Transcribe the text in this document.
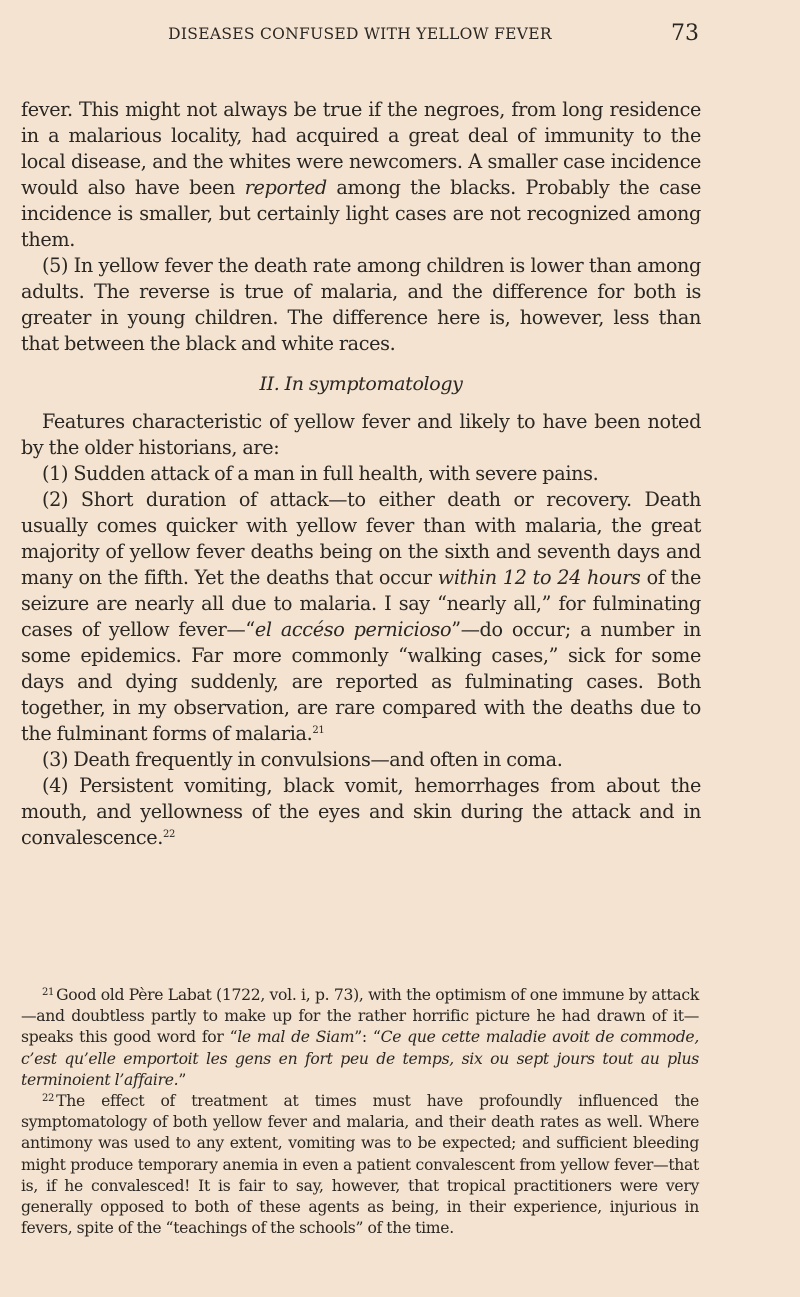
DISEASES CONFUSED WITH YELLOW FEVER	73

fever. This might not always be true if the negroes, from long residence in a malarious locality, had acquired a great deal of immunity to the local disease, and the whites were newcomers. A smaller case incidence would also have been reported among the blacks. Probably the case incidence is smaller, but certainly light cases are not recognized among them.

(5) In yellow fever the death rate among children is lower than among adults. The reverse is true of malaria, and the difference for both is greater in young children. The difference here is, however, less than that between the black and white races.

II. In symptomatology

Features characteristic of yellow fever and likely to have been noted by the older historians, are:

(1) Sudden attack of a man in full health, with severe pains.

(2) Short duration of attack—to either death or recovery. Death usually comes quicker with yellow fever than with malaria, the great majority of yellow fever deaths being on the sixth and seventh days and many on the fifth. Yet the deaths that occur within 12 to 24 hours of the seizure are nearly all due to malaria. I say “nearly all,” for fulminating cases of yellow fever—“el accéso pernicioso”—do occur; a number in some epidemics. Far more commonly “walking cases,” sick for some days and dying suddenly, are reported as fulminating cases. Both together, in my observation, are rare compared with the deaths due to the fulminant forms of malaria.$^{21}$

(3) Death frequently in convulsions—and often in coma.

(4) Persistent vomiting, black vomit, hemorrhages from about the mouth, and yellowness of the eyes and skin during the attack and in convalescence.$^{22}$

$^{21}$ Good old Père Labat (1722, vol. i, p. 73), with the optimism of one immune by attack—and doubtless partly to make up for the rather horrific picture he had drawn of it—speaks this good word for “le mal de Siam”: “Ce que cette maladie avoit de commode, c’est qu’elle emportoit les gens en fort peu de temps, six ou sept jours tout au plus terminoient l’affaire.”

$^{22}$ The effect of treatment at times must have profoundly influenced the symptomatology of both yellow fever and malaria, and their death rates as well. Where antimony was used to any extent, vomiting was to be expected; and sufficient bleeding might produce temporary anemia in even a patient convalescent from yellow fever—that is, if he convalesced! It is fair to say, however, that tropical practitioners were very generally opposed to both of these agents as being, in their experience, injurious in fevers, spite of the “teachings of the schools” of the time.
